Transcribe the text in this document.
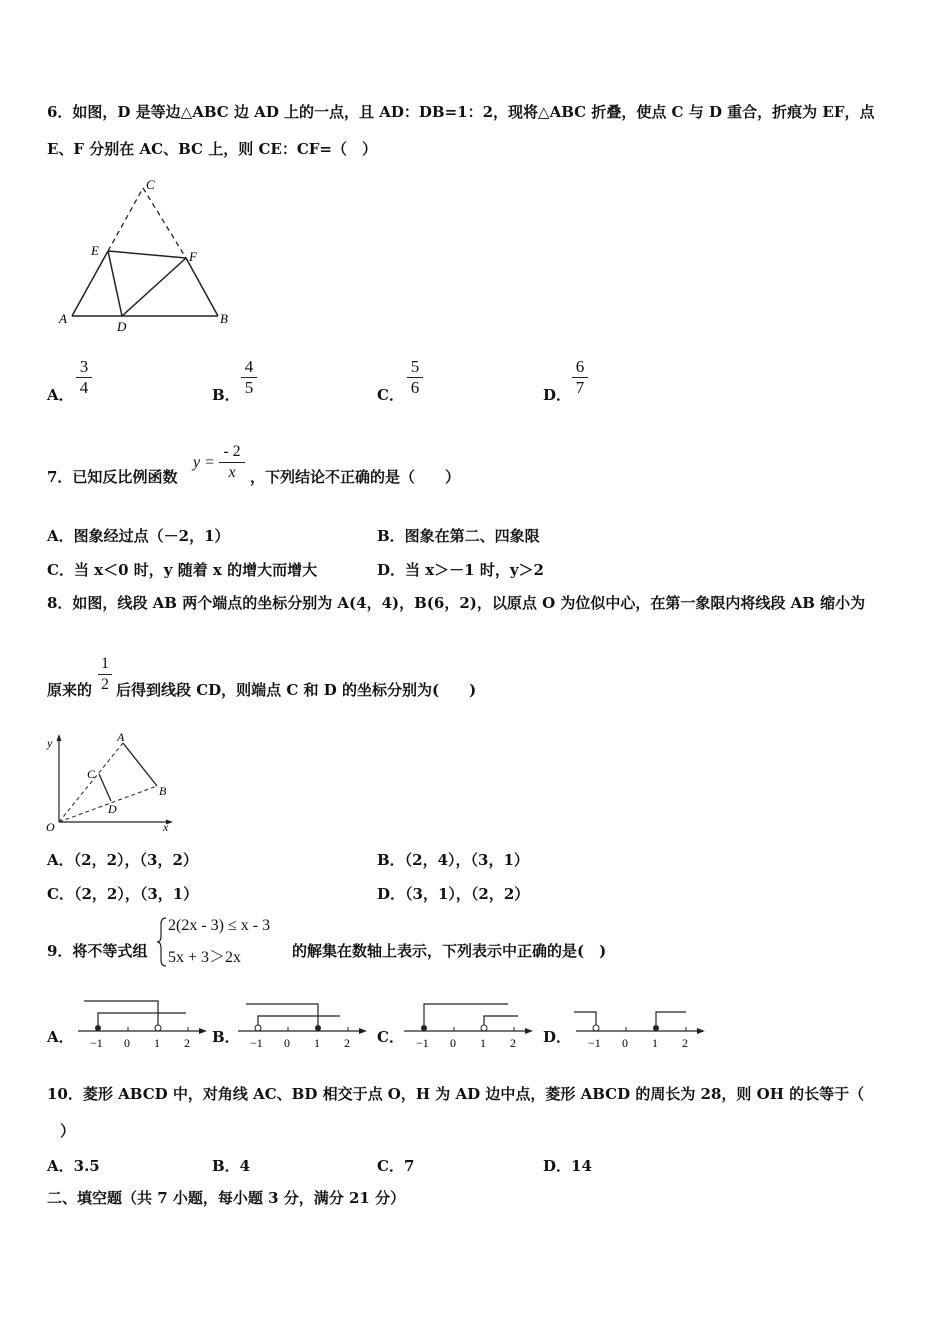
6．如图，D 是等边△ABC 边 AD 上的一点，且 AD：DB=1：2，现将△ABC 折叠，使点 C 与 D 重合，折痕为 EF，点
E、F 分别在 AC、BC 上，则 CE：CF=（　）
C
E	F
A
D
B
A．
3
4	B．
4
5	C．
5
6	D．
6
7
7．已知反比例函数
y =
- 2
x ，下列结论不正确的是（　　）
A．图象经过点（－2，1）	B．图象在第二、四象限
C．当 x＜0 时，y 随着 x 的增大而增大	D．当 x＞－1 时，y＞2
8．如图，线段 AB 两个端点的坐标分别为 A(4，4)，B(6，2)，以原点 O 为位似中心，在第一象限内将线段 AB 缩小为
原来的
1
2 后得到线段 CD，则端点 C 和 D 的坐标分别为(　　)
y	A
C
D
B
O	x
A．（2，2），（3，2）	B．（2，4），（3，1）
C．（2，2），（3，1）	D．（3，1），（2，2）
9．将不等式组
2(2x - 3) ≤ x - 3
5x + 3＞2x	的解集在数轴上表示，下列表示中正确的是(　)
A． −1 0 1 2 B． −1 0 1 2 C． −1 0 1 2 D． −1 0 1 2
10．菱形 ABCD 中，对角线 AC、BD 相交于点 O，H 为 AD 边中点，菱形 ABCD 的周长为 28，则 OH 的长等于（
）
A．3.5	B．4	C．7	D．14
二、填空题（共 7 小题，每小题 3 分，满分 21 分）
